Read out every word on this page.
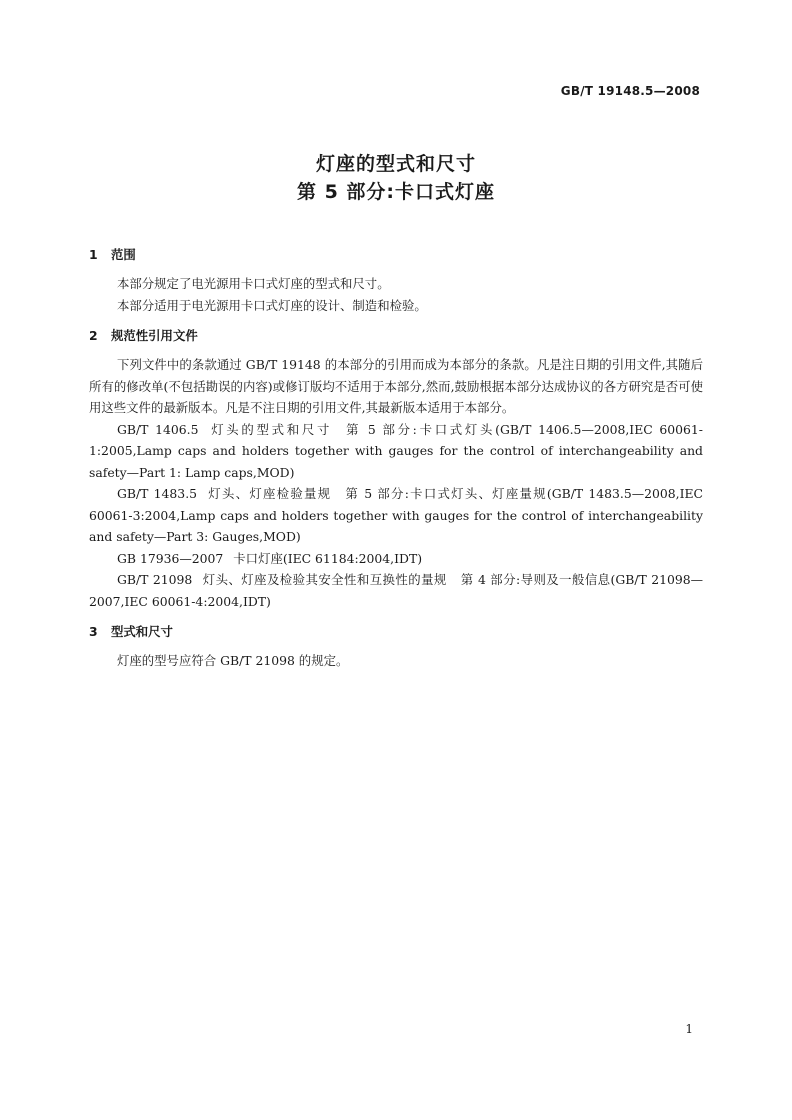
GB/T 19148.5—2008
灯座的型式和尺寸
第 5 部分:卡口式灯座

1 范围

本部分规定了电光源用卡口式灯座的型式和尺寸。

本部分适用于电光源用卡口式灯座的设计、制造和检验。

2 规范性引用文件

下列文件中的条款通过 GB/T 19148 的本部分的引用而成为本部分的条款。凡是注日期的引用文件,其随后所有的修改单(不包括勘误的内容)或修订版均不适用于本部分,然而,鼓励根据本部分达成协议的各方研究是否可使用这些文件的最新版本。凡是不注日期的引用文件,其最新版本适用于本部分。

GB/T 1406.5 灯头的型式和尺寸 第 5 部分:卡口式灯头(GB/T 1406.5—2008,IEC 60061-1:2005,Lamp caps and holders together with gauges for the control of interchangeability and safety—Part 1: Lamp caps,MOD)

GB/T 1483.5 灯头、灯座检验量规 第 5 部分:卡口式灯头、灯座量规(GB/T 1483.5—2008,IEC 60061-3:2004,Lamp caps and holders together with gauges for the control of interchangeability and safety—Part 3: Gauges,MOD)

GB 17936—2007 卡口灯座(IEC 61184:2004,IDT)

GB/T 21098 灯头、灯座及检验其安全性和互换性的量规 第 4 部分:导则及一般信息(GB/T 21098—2007,IEC 60061-4:2004,IDT)

3 型式和尺寸

灯座的型号应符合 GB/T 21098 的规定。

1
